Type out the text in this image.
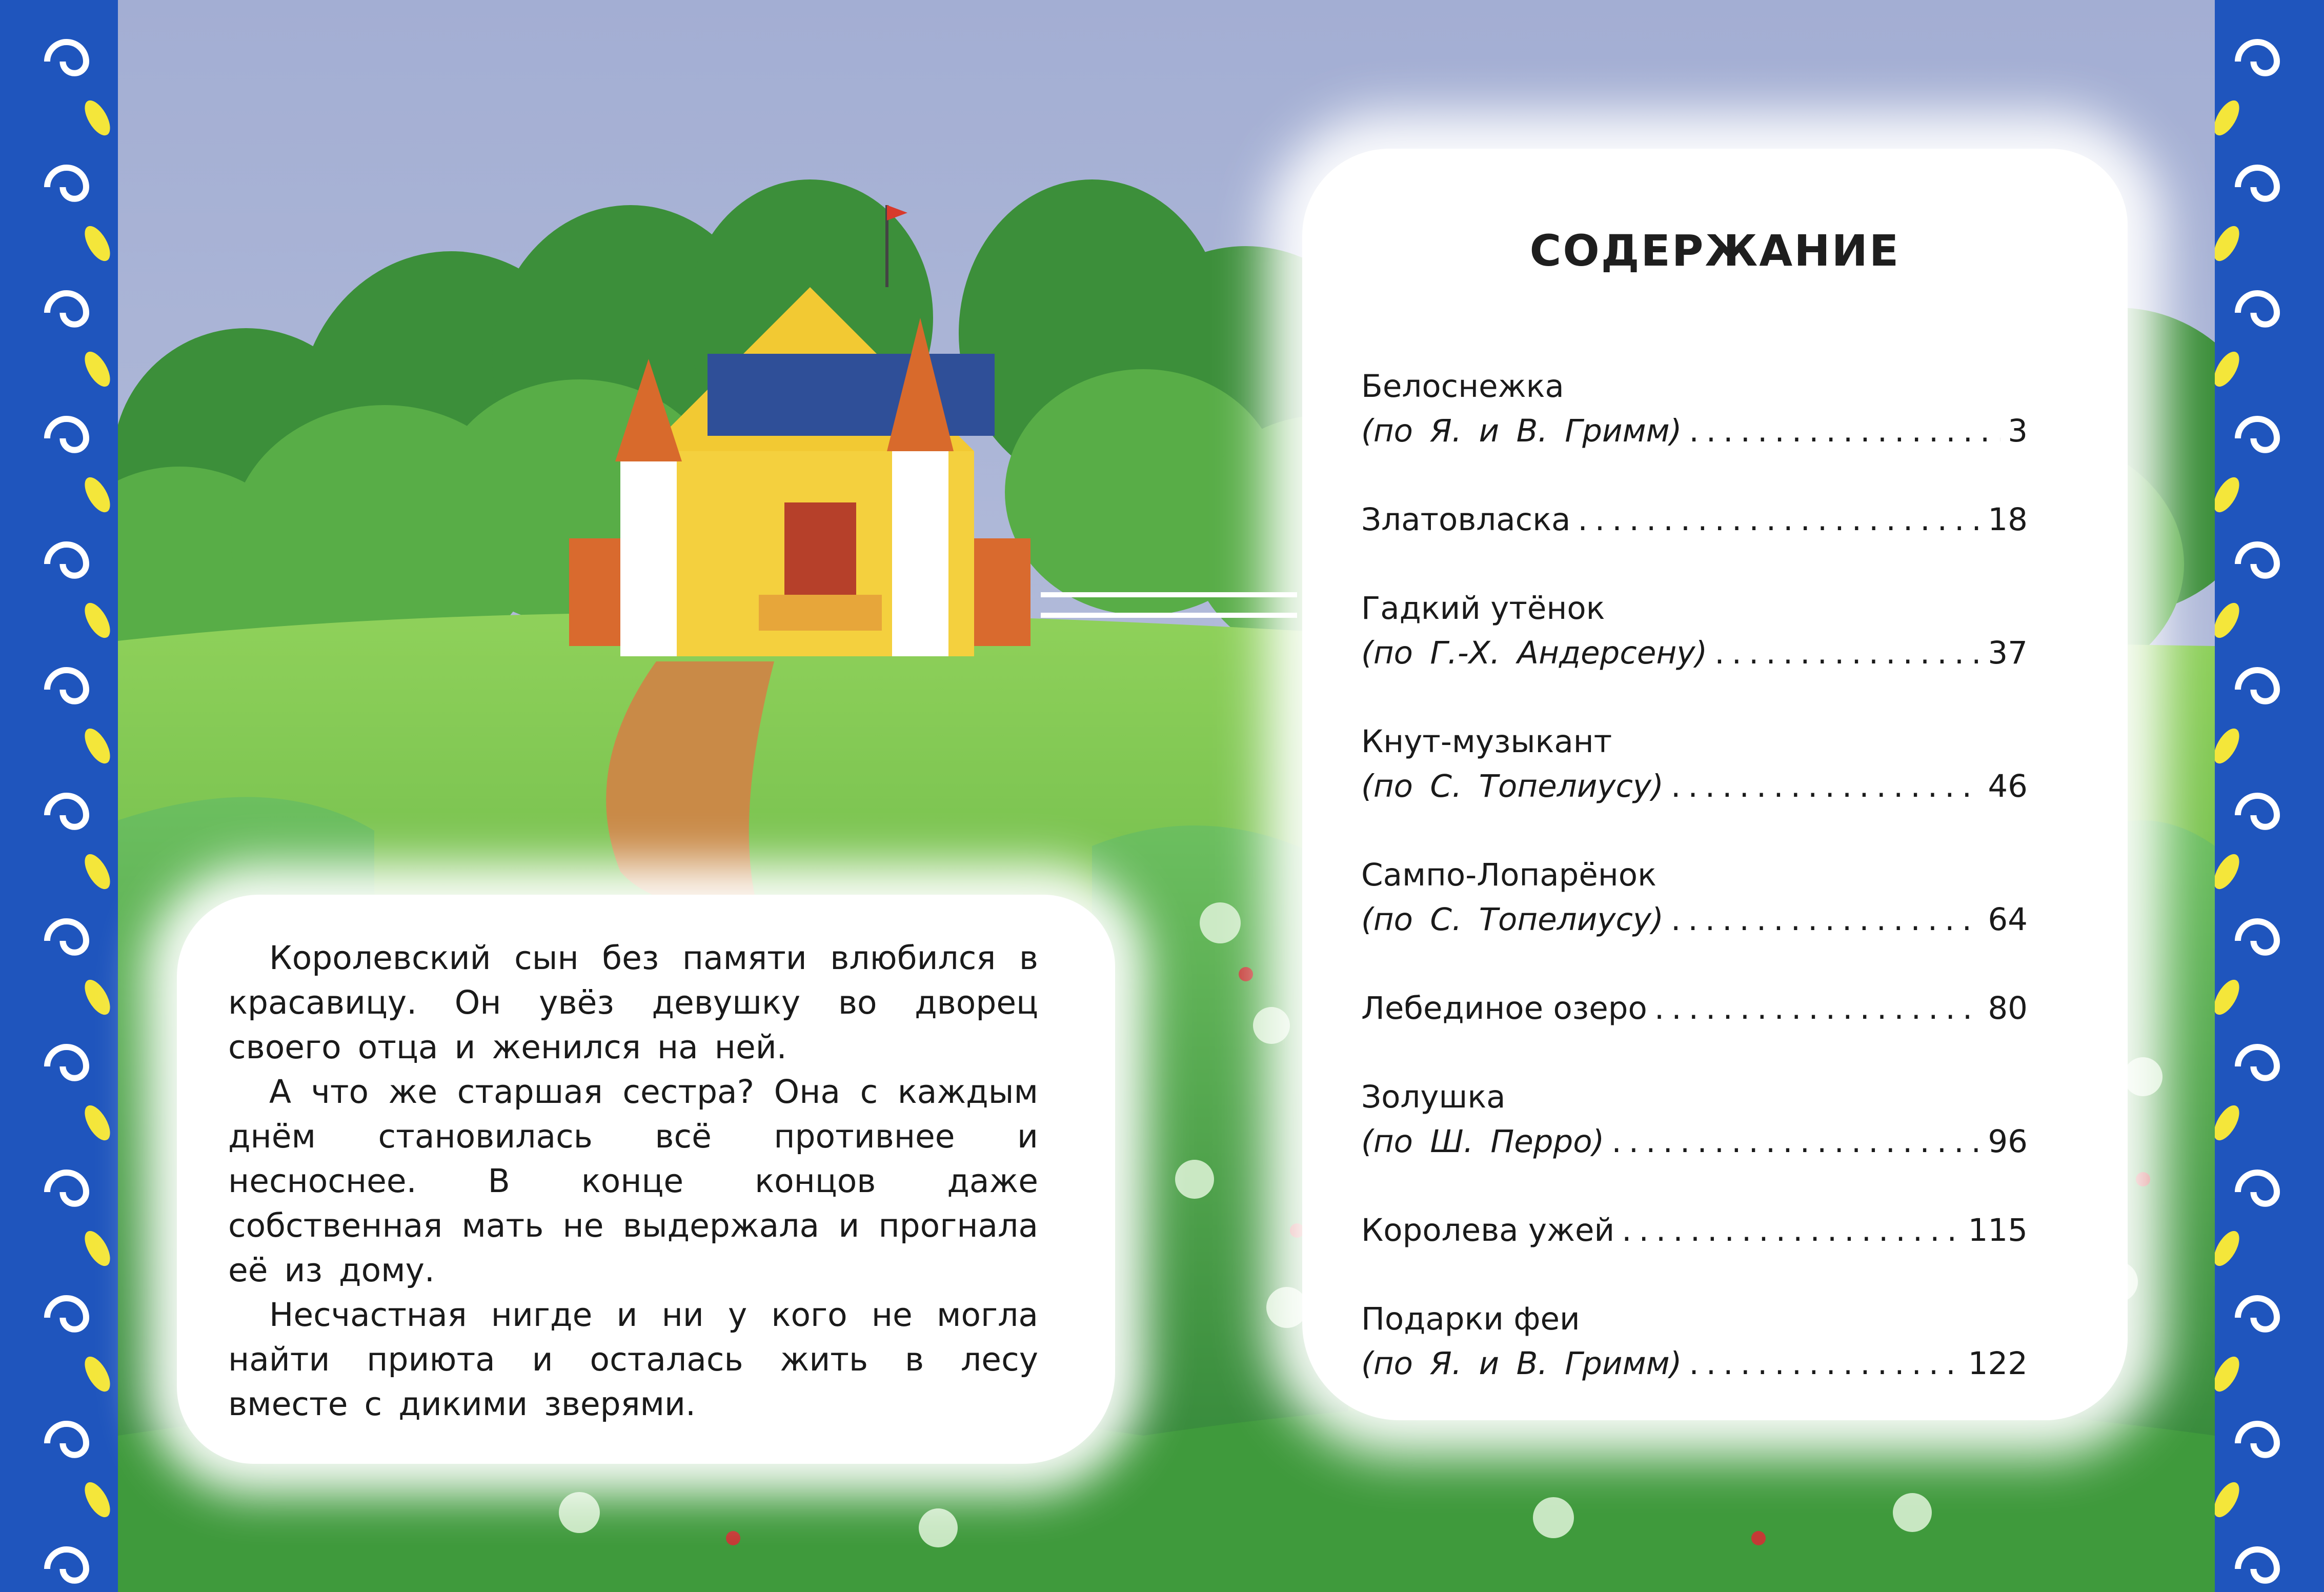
Королевский сын без памяти влюбился в красавицу. Он увёз девушку во дворец своего отца и женился на ней.

А что же старшая сестра? Она с каждым днём становилась всё противнее и несноснее. В конце концов даже собственная мать не выдержала и прогнала её из дому.

Несчастная нигде и ни у кого не могла найти приюта и осталась жить в лесу вместе с дикими зверями.

СОДЕРЖАНИЕ
Белоснежка
(по Я. и В. Гримм) .....	3
Златовласка .....	18
Гадкий утёнок
(по Г.-Х. Андерсену) .....	37
Кнут-музыкант
(по С. Топелиусу) .....	46
Сампо-Лопарёнок
(по С. Топелиусу) .....	64
Лебединое озеро .....	80
Золушка
(по Ш. Перро) .....	96
Королева ужей .....	115
Подарки феи
(по Я. и В. Гримм) .....	122
